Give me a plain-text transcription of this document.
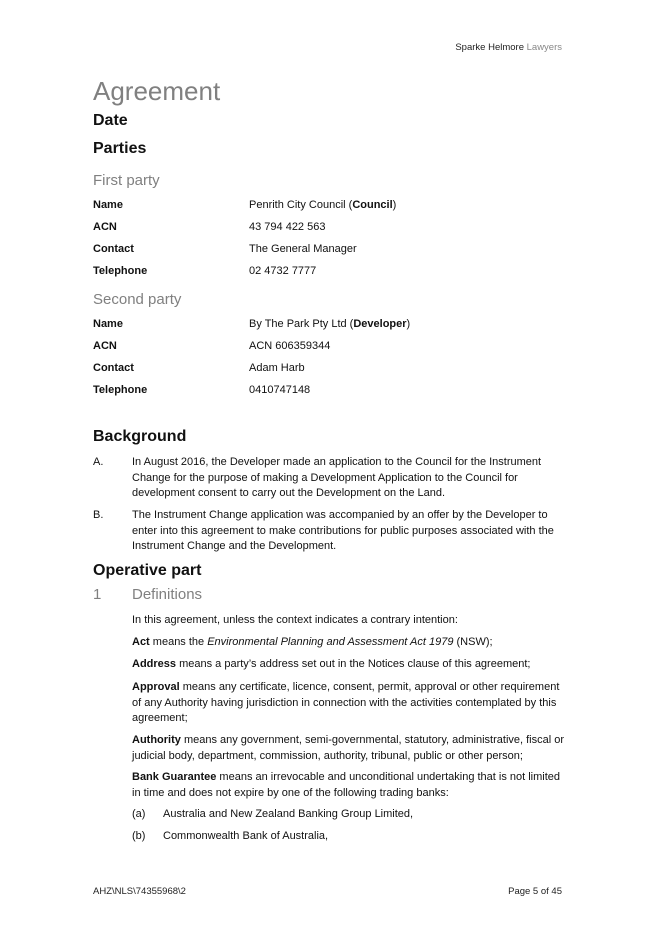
Sparke Helmore Lawyers
Agreement
Date
Parties
First party
Name	Penrith City Council (Council)
ACN	43 794 422 563
Contact	The General Manager
Telephone	02 4732 7777
Second party
Name	By The Park Pty Ltd (Developer)
ACN	ACN 606359344
Contact	Adam Harb
Telephone	0410747148
Background
A.	In August 2016, the Developer made an application to the Council for the Instrument Change for the purpose of making a Development Application to the Council for development consent to carry out the Development on the Land.
B.	The Instrument Change application was accompanied by an offer by the Developer to enter into this agreement to make contributions for public purposes associated with the Instrument Change and the Development.
Operative part
1 Definitions
In this agreement, unless the context indicates a contrary intention:
Act means the Environmental Planning and Assessment Act 1979 (NSW);
Address means a party’s address set out in the Notices clause of this agreement;
Approval means any certificate, licence, consent, permit, approval or other requirement of any Authority having jurisdiction in connection with the activities contemplated by this agreement;
Authority means any government, semi-governmental, statutory, administrative, fiscal or judicial body, department, commission, authority, tribunal, public or other person;
Bank Guarantee means an irrevocable and unconditional undertaking that is not limited in time and does not expire by one of the following trading banks:
(a) Australia and New Zealand Banking Group Limited,
(b) Commonwealth Bank of Australia,
AHZ\NLS\74355968\2	Page 5 of 45
